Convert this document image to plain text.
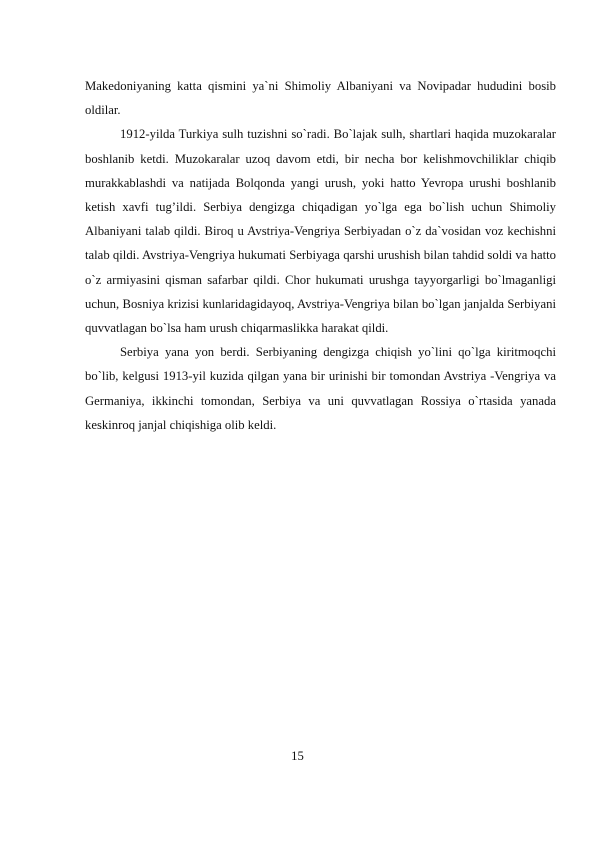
Makedoniyaning katta qismini ya`ni Shimoliy Albaniyani va Novipadar hududini bosib oldilar.

1912-yilda Turkiya sulh tuzishni so`radi. Bo`lajak sulh, shartlari haqida muzokaralar boshlanib ketdi. Muzokaralar uzoq davom etdi, bir necha bor kelishmovchiliklar chiqib murakkablashdi va natijada Bolqonda yangi urush, yoki hatto Yevropa urushi boshlanib ketish xavfi tug’ildi. Serbiya dengizga chiqadigan yo`lga ega bo`lish uchun Shimoliy Albaniyani talab qildi. Biroq u Avstriya-Vengriya Serbiyadan o`z da`vosidan voz kechishni talab qildi. Avstriya-Vengriya hukumati Serbiyaga qarshi urushish bilan tahdid soldi va hatto o`z armiyasini qisman safarbar qildi. Chor hukumati urushga tayyorgarligi bo`lmaganligi uchun, Bosniya krizisi kunlaridagidayoq, Avstriya-Vengriya bilan bo`lgan janjalda Serbiyani quvvatlagan bo`lsa ham urush chiqarmaslikka harakat qildi.

Serbiya yana yon berdi. Serbiyaning dengizga chiqish yo`lini qo`lga kiritmoqchi bo`lib, kelgusi 1913-yil kuzida qilgan yana bir urinishi bir tomondan Avstriya -Vengriya va Germaniya, ikkinchi tomondan, Serbiya va uni quvvatlagan Rossiya o`rtasida yanada keskinroq janjal chiqishiga olib keldi.

15
